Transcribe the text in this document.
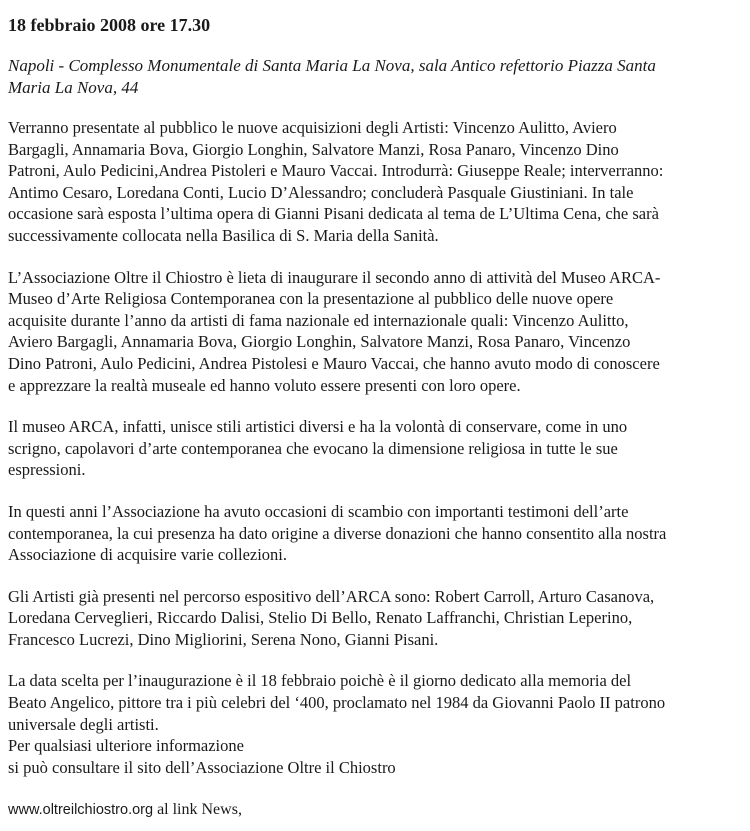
18 febbraio 2008 ore 17.30
Napoli - Complesso Monumentale di Santa Maria La Nova, sala Antico refettorio Piazza Santa
Maria La Nova, 44
Verranno presentate al pubblico le nuove acquisizioni degli Artisti: Vincenzo Aulitto, Aviero
Bargagli, Annamaria Bova, Giorgio Longhin, Salvatore Manzi, Rosa Panaro, Vincenzo Dino
Patroni, Aulo Pedicini,Andrea Pistoleri e Mauro Vaccai. Introdurrà: Giuseppe Reale; interverranno:
Antimo Cesaro, Loredana Conti, Lucio D’Alessandro; concluderà Pasquale Giustiniani. In tale
occasione sarà esposta l’ultima opera di Gianni Pisani dedicata al tema de L’Ultima Cena, che sarà
successivamente collocata nella Basilica di S. Maria della Sanità.
L’Associazione Oltre il Chiostro è lieta di inaugurare il secondo anno di attività del Museo ARCA-
Museo d’Arte Religiosa Contemporanea con la presentazione al pubblico delle nuove opere
acquisite durante l’anno da artisti di fama nazionale ed internazionale quali: Vincenzo Aulitto,
Aviero Bargagli, Annamaria Bova, Giorgio Longhin, Salvatore Manzi, Rosa Panaro, Vincenzo
Dino Patroni, Aulo Pedicini, Andrea Pistolesi e Mauro Vaccai, che hanno avuto modo di conoscere
e apprezzare la realtà museale ed hanno voluto essere presenti con loro opere.
Il museo ARCA, infatti, unisce stili artistici diversi e ha la volontà di conservare, come in uno
scrigno, capolavori d’arte contemporanea che evocano la dimensione religiosa in tutte le sue
espressioni.
In questi anni l’Associazione ha avuto occasioni di scambio con importanti testimoni dell’arte
contemporanea, la cui presenza ha dato origine a diverse donazioni che hanno consentito alla nostra
Associazione di acquisire varie collezioni.
Gli Artisti già presenti nel percorso espositivo dell’ARCA sono: Robert Carroll, Arturo Casanova,
Loredana Cerveglieri, Riccardo Dalisi, Stelio Di Bello, Renato Laffranchi, Christian Leperino,
Francesco Lucrezi, Dino Migliorini, Serena Nono, Gianni Pisani.
La data scelta per l’inaugurazione è il 18 febbraio poichè è il giorno dedicato alla memoria del
Beato Angelico, pittore tra i più celebri del ‘400, proclamato nel 1984 da Giovanni Paolo II patrono
universale degli artisti.
Per qualsiasi ulteriore informazione
si può consultare il sito dell’Associazione Oltre il Chiostro
www.oltreilchiostro.org al link News,
